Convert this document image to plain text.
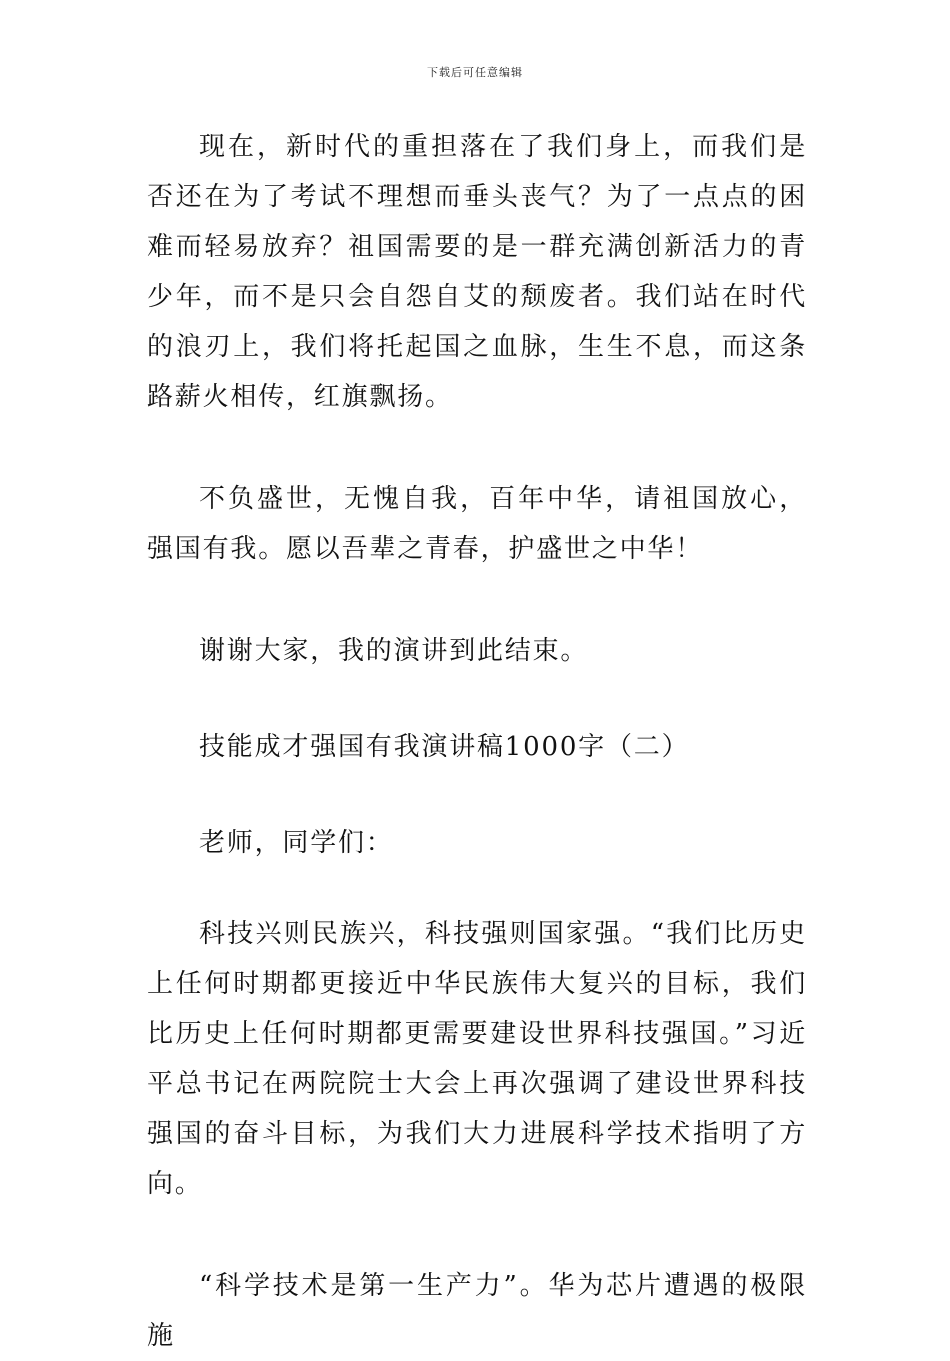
下载后可任意编辑

现在，新时代的重担落在了我们身上，而我们是否还在为了考试不理想而垂头丧气？为了一点点的困难而轻易放弃？祖国需要的是一群充满创新活力的青少年，而不是只会自怨自艾的颓废者。我们站在时代的浪刃上，我们将托起国之血脉，生生不息，而这条路薪火相传，红旗飘扬。

不负盛世，无愧自我，百年中华，请祖国放心，强国有我。愿以吾辈之青春，护盛世之中华！

谢谢大家，我的演讲到此结束。

技能成才强国有我演讲稿1000字（二）

老师，同学们：

科技兴则民族兴，科技强则国家强。“我们比历史上任何时期都更接近中华民族伟大复兴的目标，我们比历史上任何时期都更需要建设世界科技强国。”习近平总书记在两院院士大会上再次强调了建设世界科技强国的奋斗目标，为我们大力进展科学技术指明了方向。

“科学技术是第一生产力”。华为芯片遭遇的极限施
